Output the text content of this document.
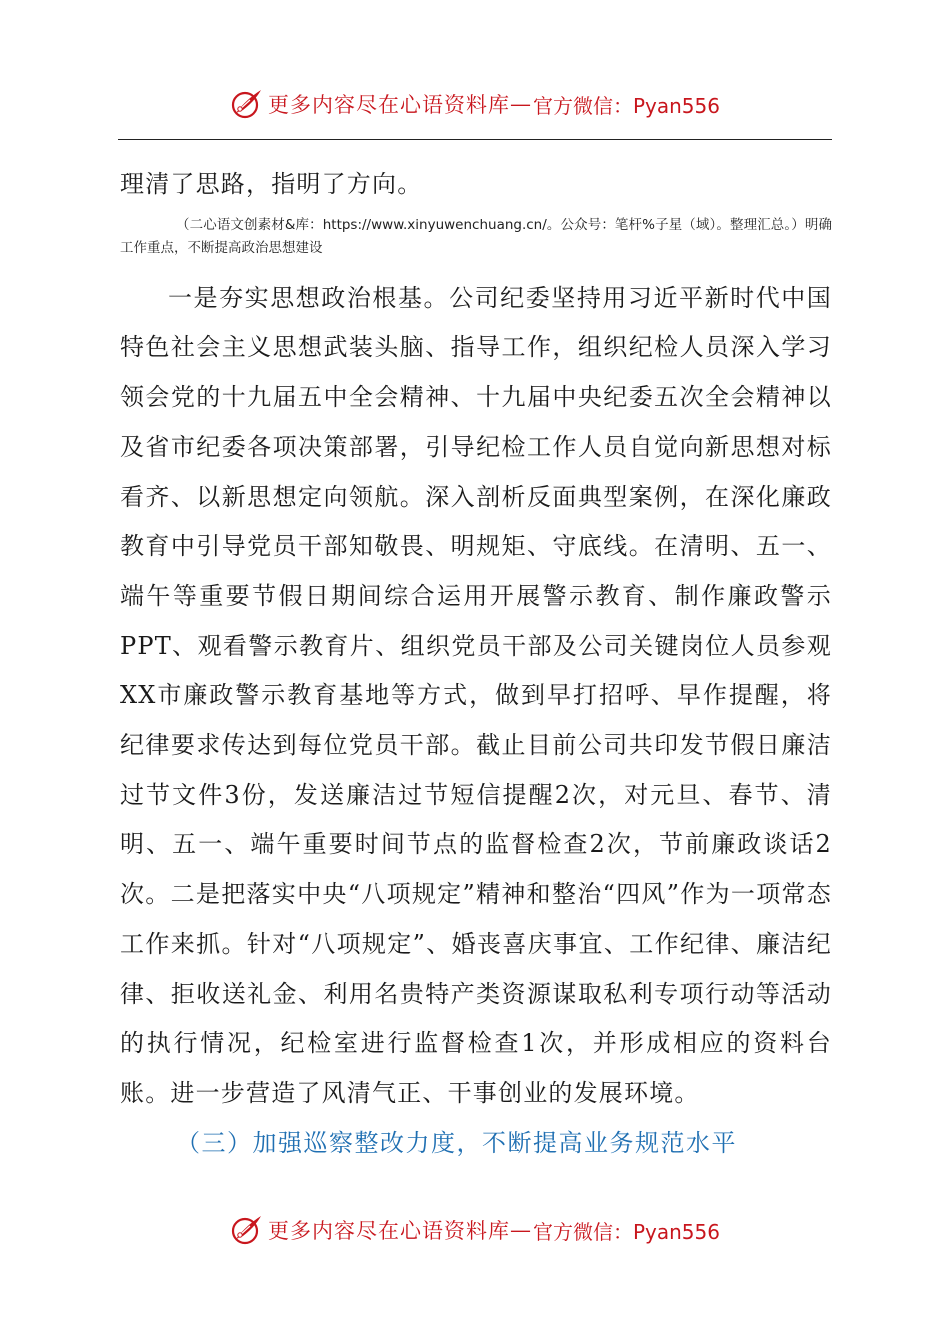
更多内容尽在心语资料库 — 官方微信：Pyan556

理清了思路，指明了方向。

（二心语文创素材&库：https://www.xinyuwenchuang.cn/。公众号：笔杆%子星（域）。整理汇总。）明确工作重点，不断提高政治思想建设

一是夯实思想政治根基。公司纪委坚持用习近平新时代中国特色社会主义思想武装头脑、指导工作，组织纪检人员深入学习领会党的十九届五中全会精神、十九届中央纪委五次全会精神以及省市纪委各项决策部署，引导纪检工作人员自觉向新思想对标看齐、以新思想定向领航。深入剖析反面典型案例，在深化廉政教育中引导党员干部知敬畏、明规矩、守底线。在清明、五一、端午等重要节假日期间综合运用开展警示教育、制作廉政警示PPT、观看警示教育片、组织党员干部及公司关键岗位人员参观XX市廉政警示教育基地等方式，做到早打招呼、早作提醒，将纪律要求传达到每位党员干部。截止目前公司共印发节假日廉洁过节文件3份，发送廉洁过节短信提醒2次，对元旦、春节、清明、五一、端午重要时间节点的监督检查2次，节前廉政谈话2次。二是把落实中央“八项规定”精神和整治“四风”作为一项常态工作来抓。针对“八项规定”、婚丧喜庆事宜、工作纪律、廉洁纪律、拒收送礼金、利用名贵特产类资源谋取私利专项行动等活动的执行情况，纪检室进行监督检查1次，并形成相应的资料台账。进一步营造了风清气正、干事创业的发展环境。

（三）加强巡察整改力度，不断提高业务规范水平

更多内容尽在心语资料库 — 官方微信：Pyan556
